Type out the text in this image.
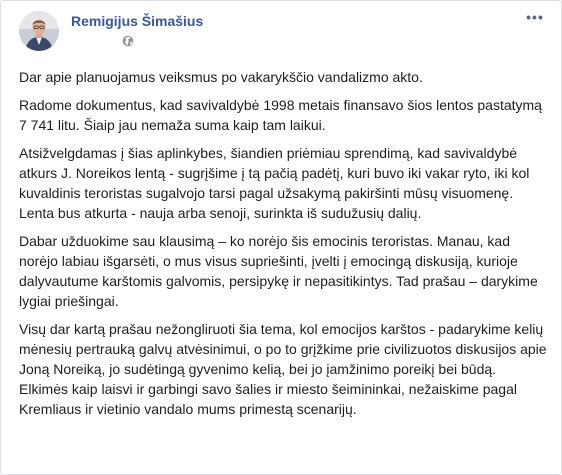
Remigijus Šimašius	•••

Dar apie planuojamus veiksmus po vakarykščio vandalizmo akto.

Radome dokumentus, kad savivaldybė 1998 metais finansavo šios lentos pastatymą 7 741 litu. Šiaip jau nemaža suma kaip tam laikui.

Atsižvelgdamas į šias aplinkybes, šiandien priėmiau sprendimą, kad savivaldybė atkurs J. Noreikos lentą - sugrįšime į tą pačią padėtį, kuri buvo iki vakar ryto, iki kol kuvaldinis teroristas sugalvojo tarsi pagal užsakymą pakiršinti mūsų visuomenę. Lenta bus atkurta - nauja arba senoji, surinkta iš sudužusių dalių.

Dabar užduokime sau klausimą – ko norėjo šis emocinis teroristas. Manau, kad norėjo labiau išgarsėti, o mus visus supriešinti, įvelti į emocingą diskusiją, kurioje dalyvautume karštomis galvomis, persipykę ir nepasitikintys. Tad prašau – darykime lygiai priešingai.

Visų dar kartą prašau nežongliruoti šia tema, kol emocijos karštos - padarykime kelių mėnesių pertrauką galvų atvėsinimui, o po to grįžkime prie civilizuotos diskusijos apie Joną Noreiką, jo sudėtingą gyvenimo kelią, bei jo įamžinimo poreikį bei būdą. Elkimės kaip laisvi ir garbingi savo šalies ir miesto šeimininkai, nežaiskime pagal Kremliaus ir vietinio vandalo mums primestą scenarijų.
